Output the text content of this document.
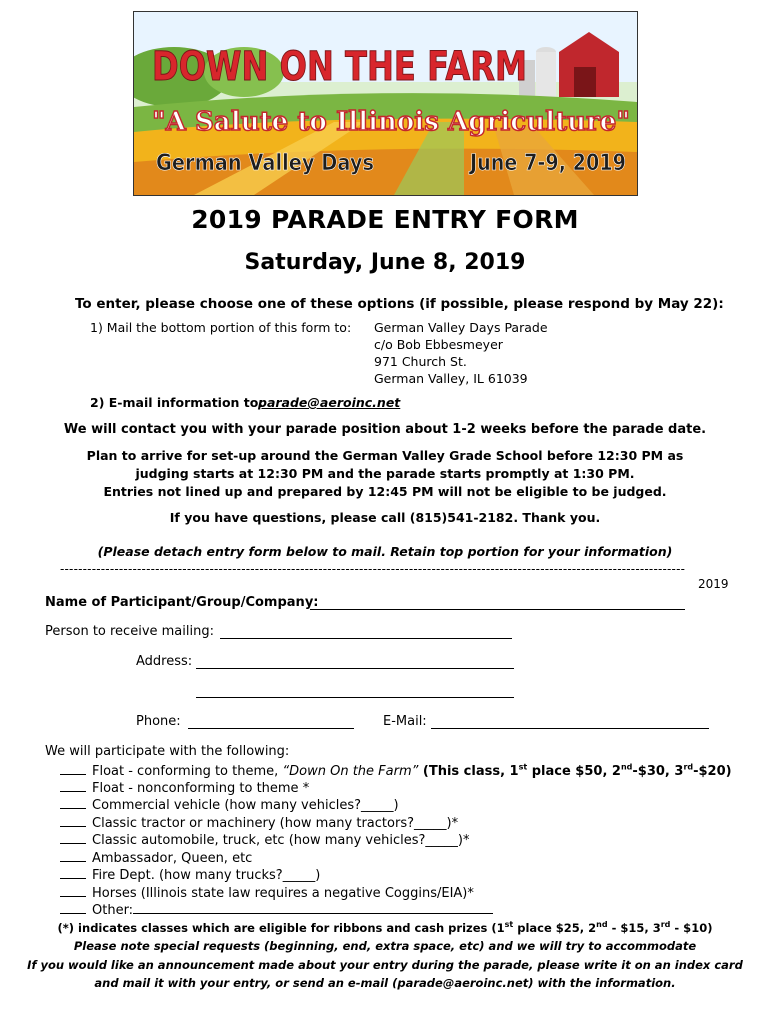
DOWN ON THE FARM
"A Salute to Illinois Agriculture"
German Valley Days	June 7-9, 2019
2019 PARADE ENTRY FORM
Saturday, June 8, 2019
To enter, please choose one of these options (if possible, please respond by May 22):
1) Mail the bottom portion of this form to: German Valley Days Parade
c/o Bob Ebbesmeyer
971 Church St.
German Valley, IL 61039
2) E-mail information to:
parade@aeroinc.net
We will contact you with your parade position about 1-2 weeks before the parade date.
Plan to arrive for set-up around the German Valley Grade School before 12:30 PM as
judging starts at 12:30 PM and the parade starts promptly at 1:30 PM.
Entries not lined up and prepared by 12:45 PM will not be eligible to be judged.
If you have questions, please call (815)541-2182. Thank you.
(Please detach entry form below to mail. Retain top portion for your information)
------------------------------------------------------------------------------------------------------------------------------------------
2019
Name of Participant/Group/Company:
Person to receive mailing:
Address:
Phone:	E-Mail:
We will participate with the following:
Float - conforming to theme, “Down On the Farm” (This class, 1st place $50, 2nd-$30, 3rd-$20)
Float - nonconforming to theme *
Commercial vehicle (how many vehicles?_____)
Classic tractor or machinery (how many tractors?_____)*
Classic automobile, truck, etc (how many vehicles?_____)*
Ambassador, Queen, etc
Fire Dept. (how many trucks?_____)
Horses (Illinois state law requires a negative Coggins/EIA)*
Other:
(*) indicates classes which are eligible for ribbons and cash prizes (1st place $25, 2nd - $15, 3rd - $10)
Please note special requests (beginning, end, extra space, etc) and we will try to accommodate
If you would like an announcement made about your entry during the parade, please write it on an index card
and mail it with your entry, or send an e-mail (parade@aeroinc.net) with the information.
